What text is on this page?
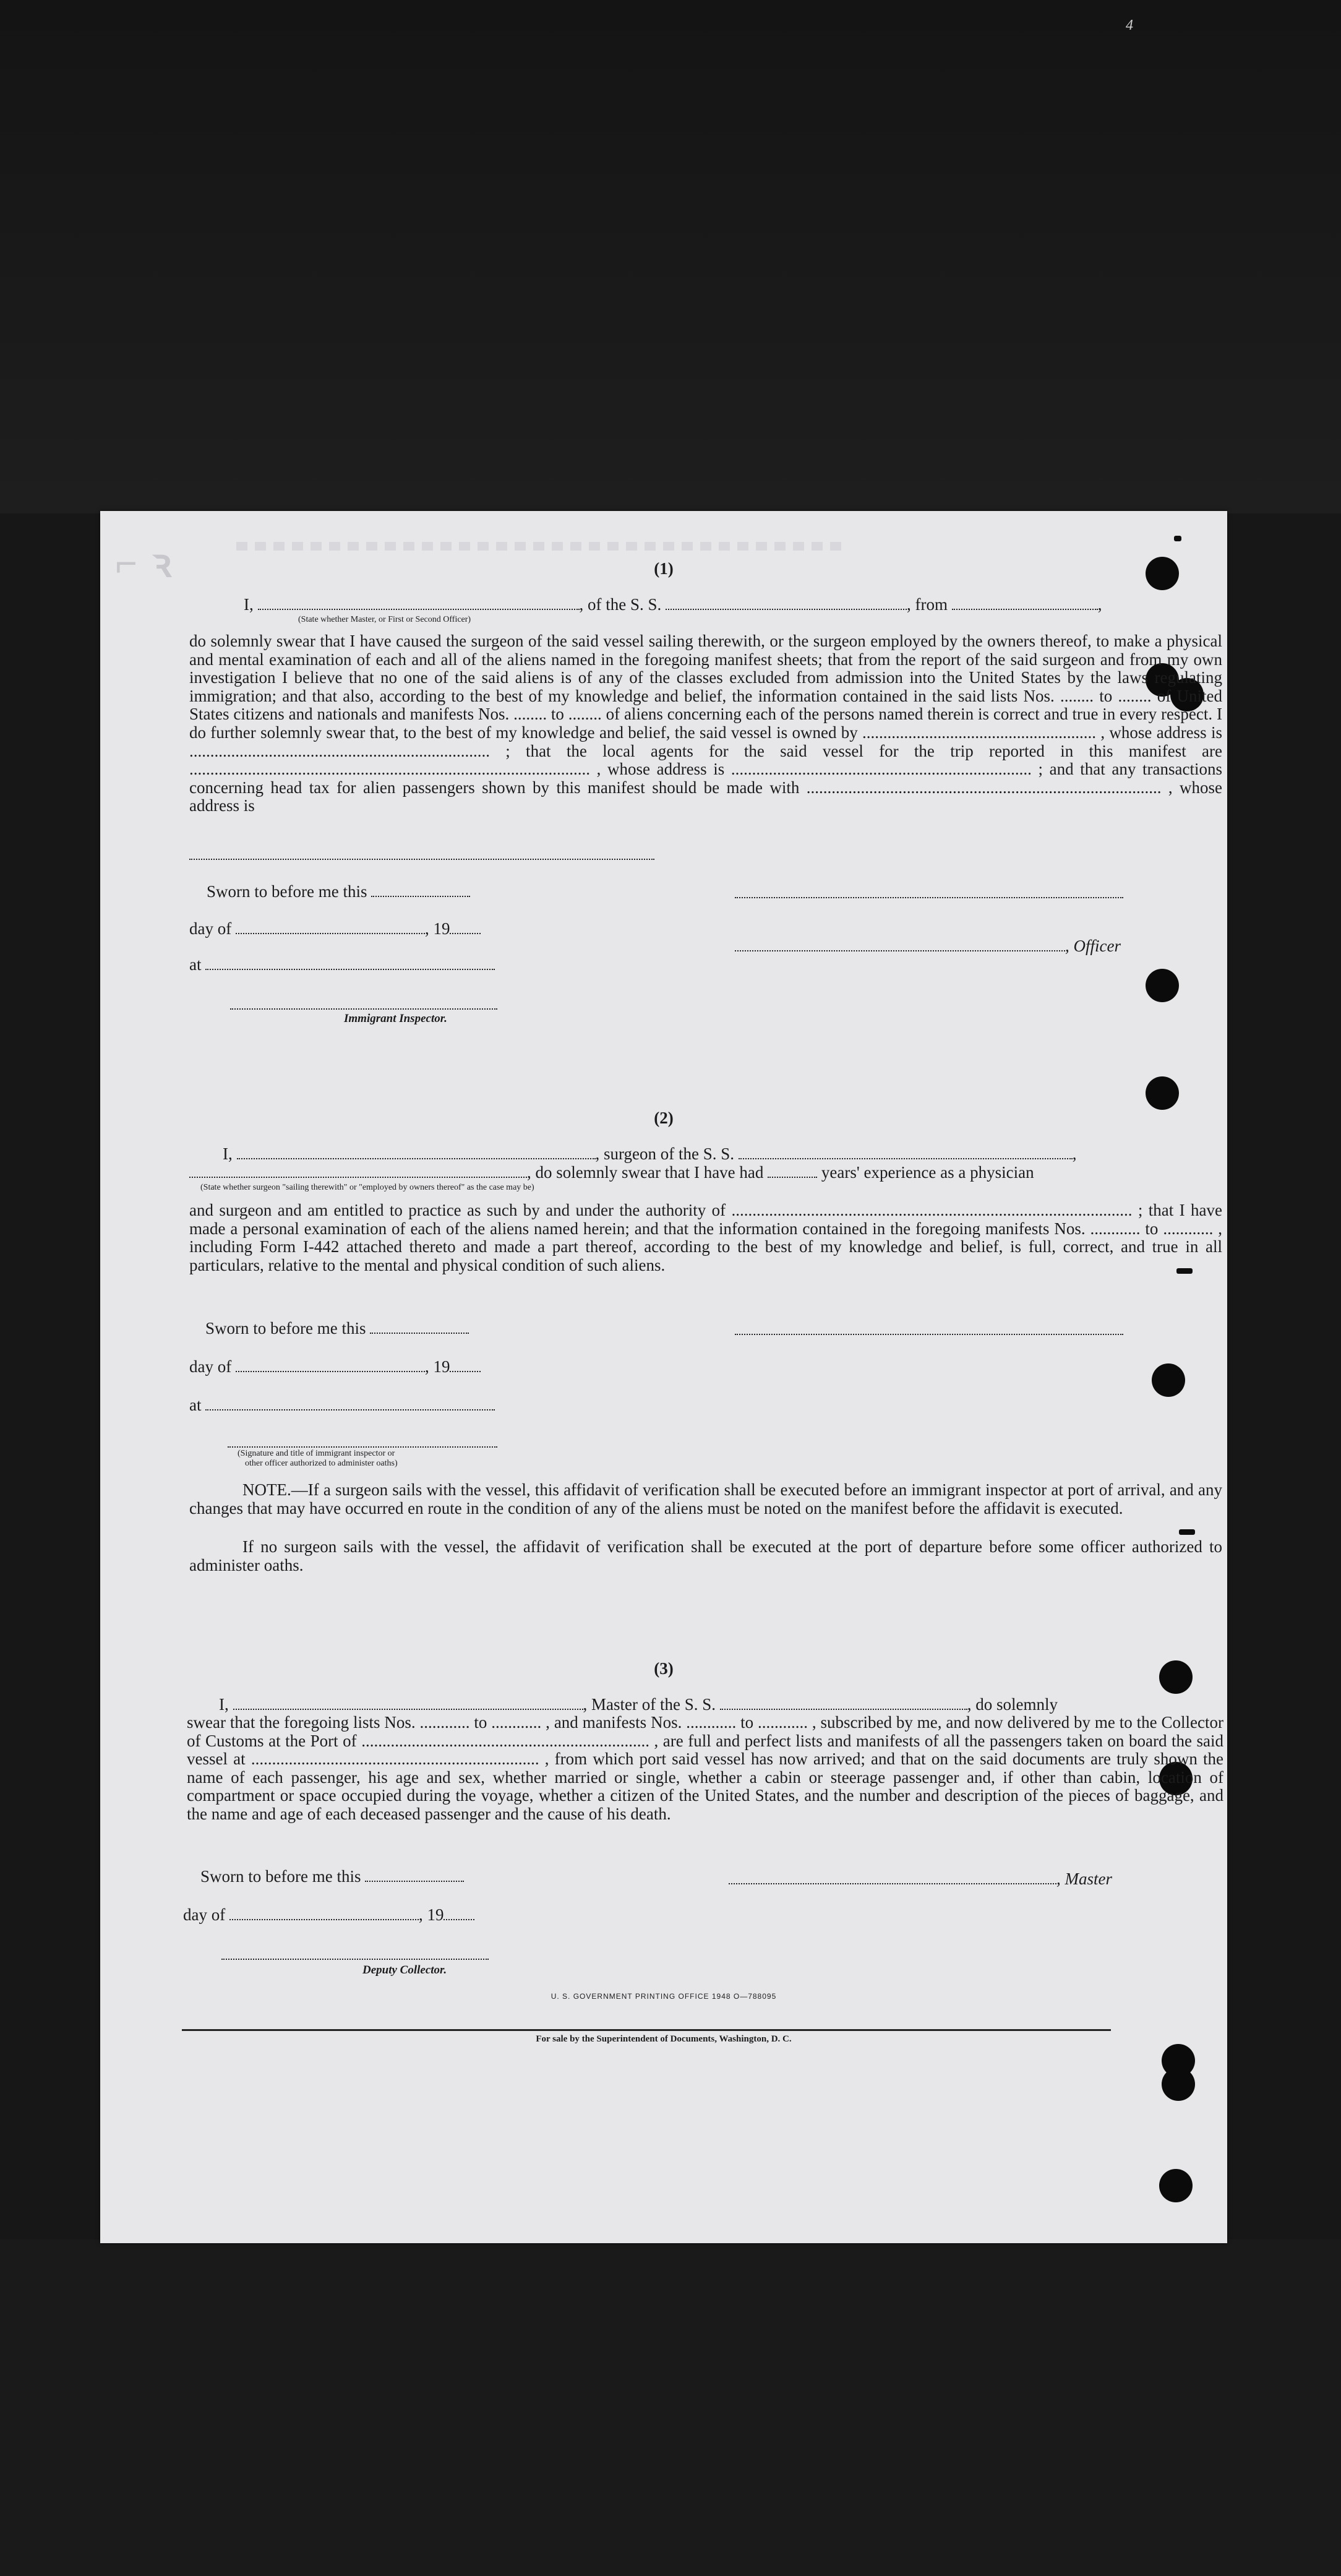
4
⌐ ꝛ	(1)
I,	, of the S. S.	, from	,
(State whether Master, or First or Second Officer)
do solemnly swear that I have caused the surgeon of the said vessel sailing therewith, or the surgeon employed by the owners thereof, to make a physical and mental examination of each and all of the aliens named in the foregoing manifest sheets; that from the report of the said surgeon and from my own investigation I believe that no one of the said aliens is of any of the classes excluded from admission into the United States by the laws regulating immigration; and that also, according to the best of my knowledge and belief, the information contained in the said lists Nos. ........ to ........ of United States citizens and nationals and manifests Nos. ........ to ........ of aliens concerning each of the persons named therein is correct and true in every respect. I do further solemnly swear that, to the best of my knowledge and belief, the said vessel is owned by ........................................................ , whose address is ........................................................................ ; that the local agents for the said vessel for the trip reported in this manifest are ................................................................................................ , whose address is ........................................................................ ; and that any transactions concerning head tax for alien passengers shown by this manifest should be made with ..................................................................................... , whose address is
Sworn to before me this
day of	, 19
, Officer
at
Immigrant Inspector.
(2)
I,	, surgeon of the S. S.	,
, do solemnly swear that I have had	years' experience as a physician
(State whether surgeon "sailing therewith" or "employed by owners thereof" as the case may be)
and surgeon and am entitled to practice as such by and under the authority of ................................................................................................ ; that I have made a personal examination of each of the aliens named herein; and that the information contained in the foregoing manifests Nos. ............ to ............ , including Form I-442 attached thereto and made a part thereof, according to the best of my knowledge and belief, is full, correct, and true in all particulars, relative to the mental and physical condition of such aliens.
Sworn to before me this
day of	, 19
at
(Signature and title of immigrant inspector or
other officer authorized to administer oaths)
NOTE.—If a surgeon sails with the vessel, this affidavit of verification shall be executed before an immigrant inspector at port of arrival, and any changes that may have occurred en route in the condition of any of the aliens must be noted on the manifest before the affidavit is executed.
If no surgeon sails with the vessel, the affidavit of verification shall be executed at the port of departure before some officer authorized to administer oaths.
(3)
I,	, Master of the S. S.	, do solemnly
swear that the foregoing lists Nos. ............ to ............ , and manifests Nos. ............ to ............ , subscribed by me, and now delivered by me to the Collector of Customs at the Port of ..................................................................... , are full and perfect lists and manifests of all the passengers taken on board the said vessel at ..................................................................... , from which port said vessel has now arrived; and that on the said documents are truly shown the name of each passenger, his age and sex, whether married or single, whether a cabin or steerage passenger and, if other than cabin, location of compartment or space occupied during the voyage, whether a citizen of the United States, and the number and description of the pieces of baggage, and the name and age of each deceased passenger and the cause of his death.
Sworn to before me this	, Master
day of	, 19
Deputy Collector.
U. S. GOVERNMENT PRINTING OFFICE 1948 O—788095
For sale by the Superintendent of Documents, Washington, D. C.
